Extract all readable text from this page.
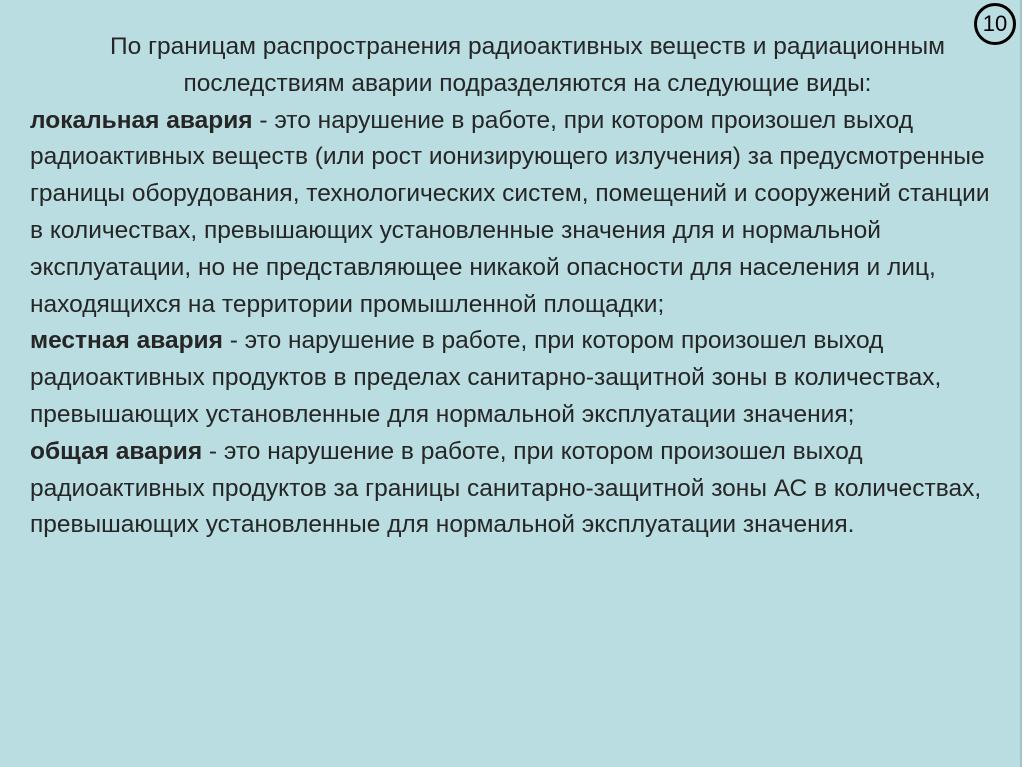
10

По границам распространения радиоактивных веществ и радиационным последствиям аварии подразделяются на следующие виды:

локальная авария - это нарушение в работе, при котором произошел выход радиоактивных веществ (или рост ионизирующего излучения) за предусмотренные границы оборудования, технологических систем, помещений и сооружений станции в количествах, превышающих установленные значения для и нормальной эксплуатации, но не представляющее никакой опасности для населения и лиц, находящихся на территории промышленной площадки;

местная авария - это нарушение в работе, при котором произошел выход радиоактивных продуктов в пределах санитарно-защитной зоны в количествах, превышающих установленные для нормальной эксплуатации значения;

общая авария - это нарушение в работе, при котором произошел выход радиоактивных продуктов за границы санитарно-защитной зоны АС в количествах, превышающих установленные для нормальной эксплуатации значения.
